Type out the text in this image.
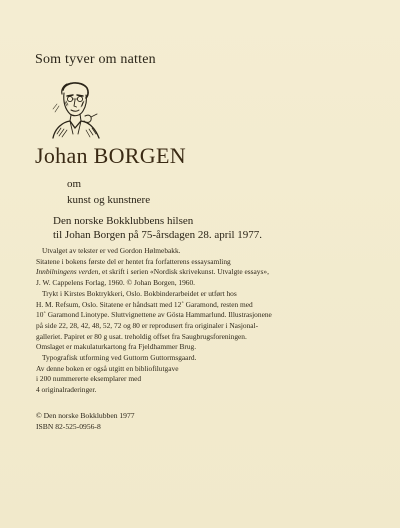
Som tyver om natten
Johan BORGEN
om
kunst og kunstnere
Den norske Bokklubbens hilsen
til Johan Borgen på 75-årsdagen 28. april 1977.
Utvalget av tekster er ved Gordon Hølmebakk.
Sitatene i bokens første del er hentet fra forfatterens essaysamling
Innbilningens verden, et skrift i serien «Nordisk skrivekunst. Utvalgte essays»,
J. W. Cappelens Forlag, 1960. © Johan Borgen, 1960.
Trykt i Kirstes Boktrykkeri, Oslo. Bokbinderarbeidet er utført hos
H. M. Refsum, Oslo. Sitatene er håndsatt med 12˚ Garamond, resten med
10˚ Garamond Linotype. Sluttvignettene av Gösta Hammarlund. Illustrasjonene
på side 22, 28, 42, 48, 52, 72 og 80 er reprodusert fra originaler i Nasjonal-
galleriet. Papiret er 80 g usat. treholdig offset fra Saugbrugsforeningen.
Omslaget er makulaturkartong fra Fjeldhammer Brug.
Typografisk utforming ved Guttorm Guttormsgaard.
Av denne boken er også utgitt en bibliofilutgave
i 200 nummererte eksemplarer med
4 originalraderinger.
© Den norske Bokklubben 1977
ISBN 82-525-0956-8
